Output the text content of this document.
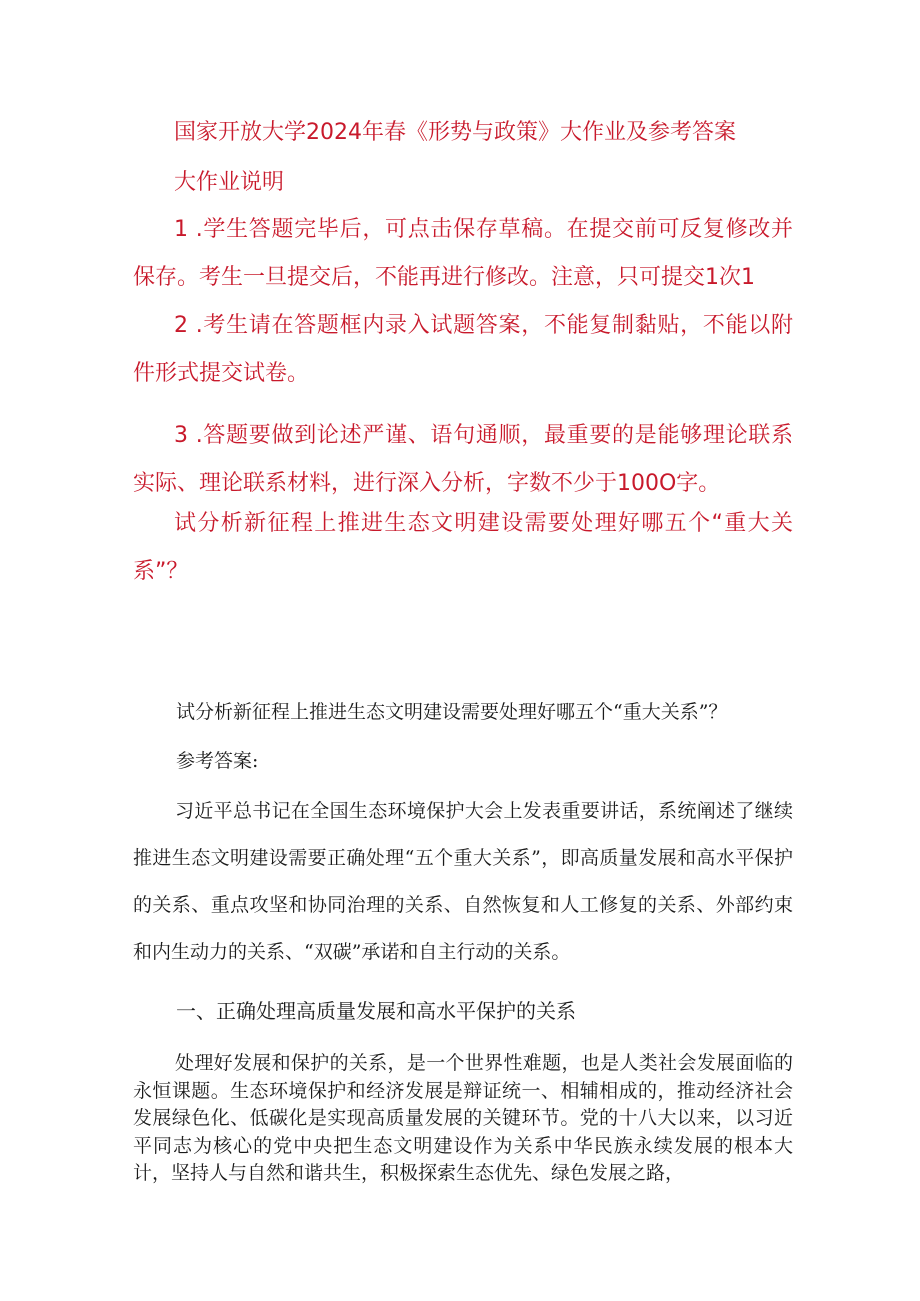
国家开放大学2024年春《形势与政策》大作业及参考答案
大作业说明
1 .学生答题完毕后，可点击保存草稿。在提交前可反复修改并保存。考生一旦提交后，不能再进行修改。注意，只可提交1次1
2 .考生请在答题框内录入试题答案，不能复制黏贴，不能以附件形式提交试卷。
3 .答题要做到论述严谨、语句通顺，最重要的是能够理论联系实际、理论联系材料，进行深入分析，字数不少于100O字。
试分析新征程上推进生态文明建设需要处理好哪五个“重大关系”？
试分析新征程上推进生态文明建设需要处理好哪五个“重大关系”？
参考答案:
习近平总书记在全国生态环境保护大会上发表重要讲话，系统阐述了继续推进生态文明建设需要正确处理“五个重大关系”，即高质量发展和高水平保护的关系、重点攻坚和协同治理的关系、自然恢复和人工修复的关系、外部约束和内生动力的关系、“双碳”承诺和自主行动的关系。
一、正确处理高质量发展和高水平保护的关系
处理好发展和保护的关系，是一个世界性难题，也是人类社会发展面临的永恒课题。生态环境保护和经济发展是辩证统一、相辅相成的，推动经济社会发展绿色化、低碳化是实现高质量发展的关键环节。党的十八大以来，以习近平同志为核心的党中央把生态文明建设作为关系中华民族永续发展的根本大计，坚持人与自然和谐共生，积极探索生态优先、绿色发展之路，
